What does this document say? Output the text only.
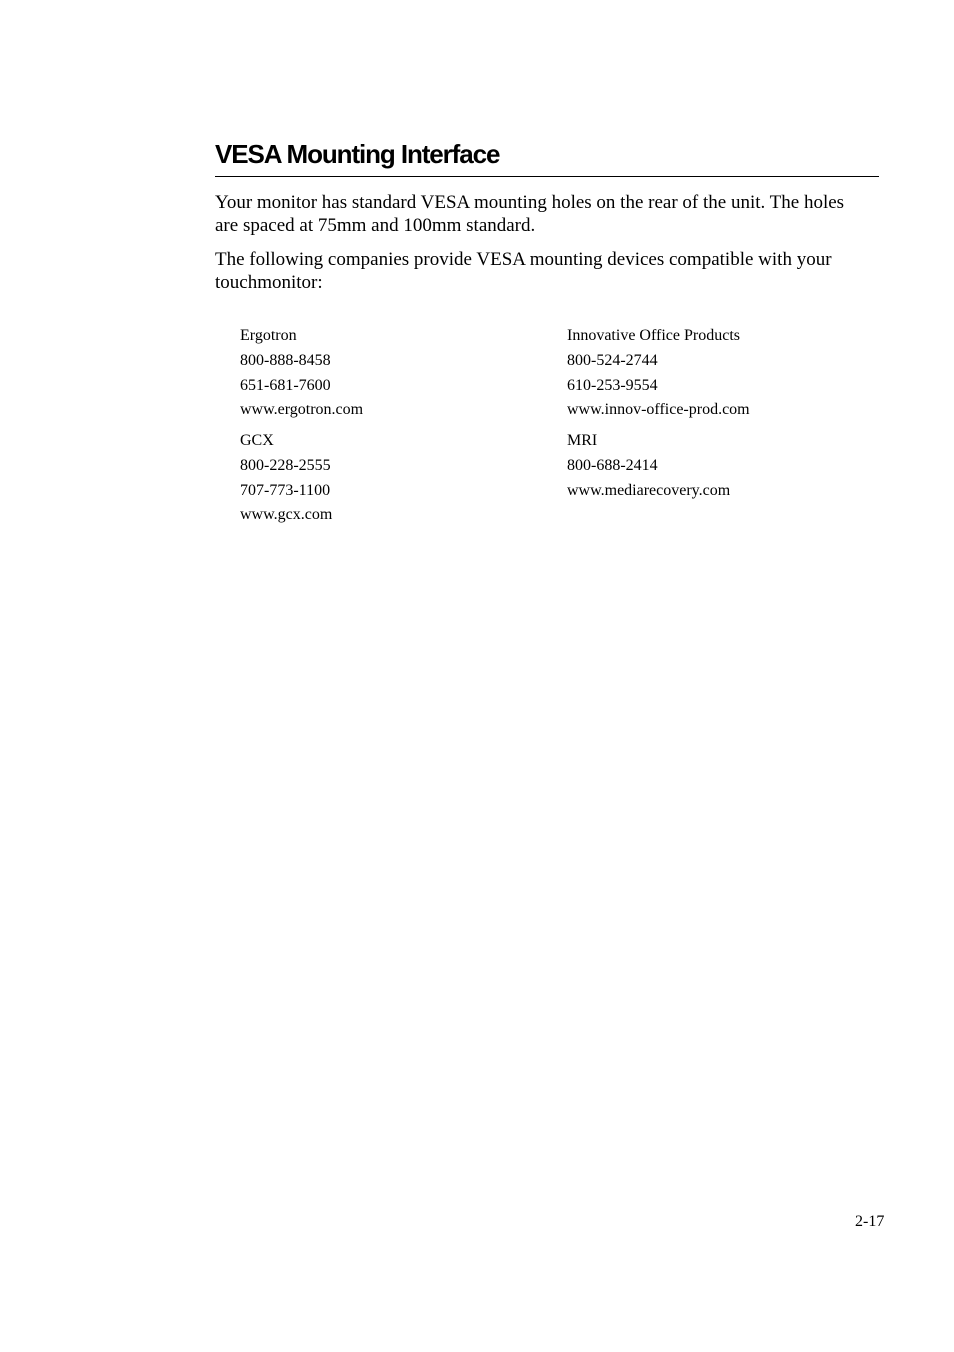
VESA Mounting Interface

Your monitor has standard VESA mounting holes on the rear of the unit. The holes are spaced at 75mm and 100mm standard.

The following companies provide VESA mounting devices compatible with your touchmonitor:

Ergotron
800-888-8458
651-681-7600
www.ergotron.com
Innovative Office Products
800-524-2744
610-253-9554
www.innov-office-prod.com
GCX
800-228-2555
707-773-1100
www.gcx.com
MRI
800-688-2414
www.mediarecovery.com
2-17
